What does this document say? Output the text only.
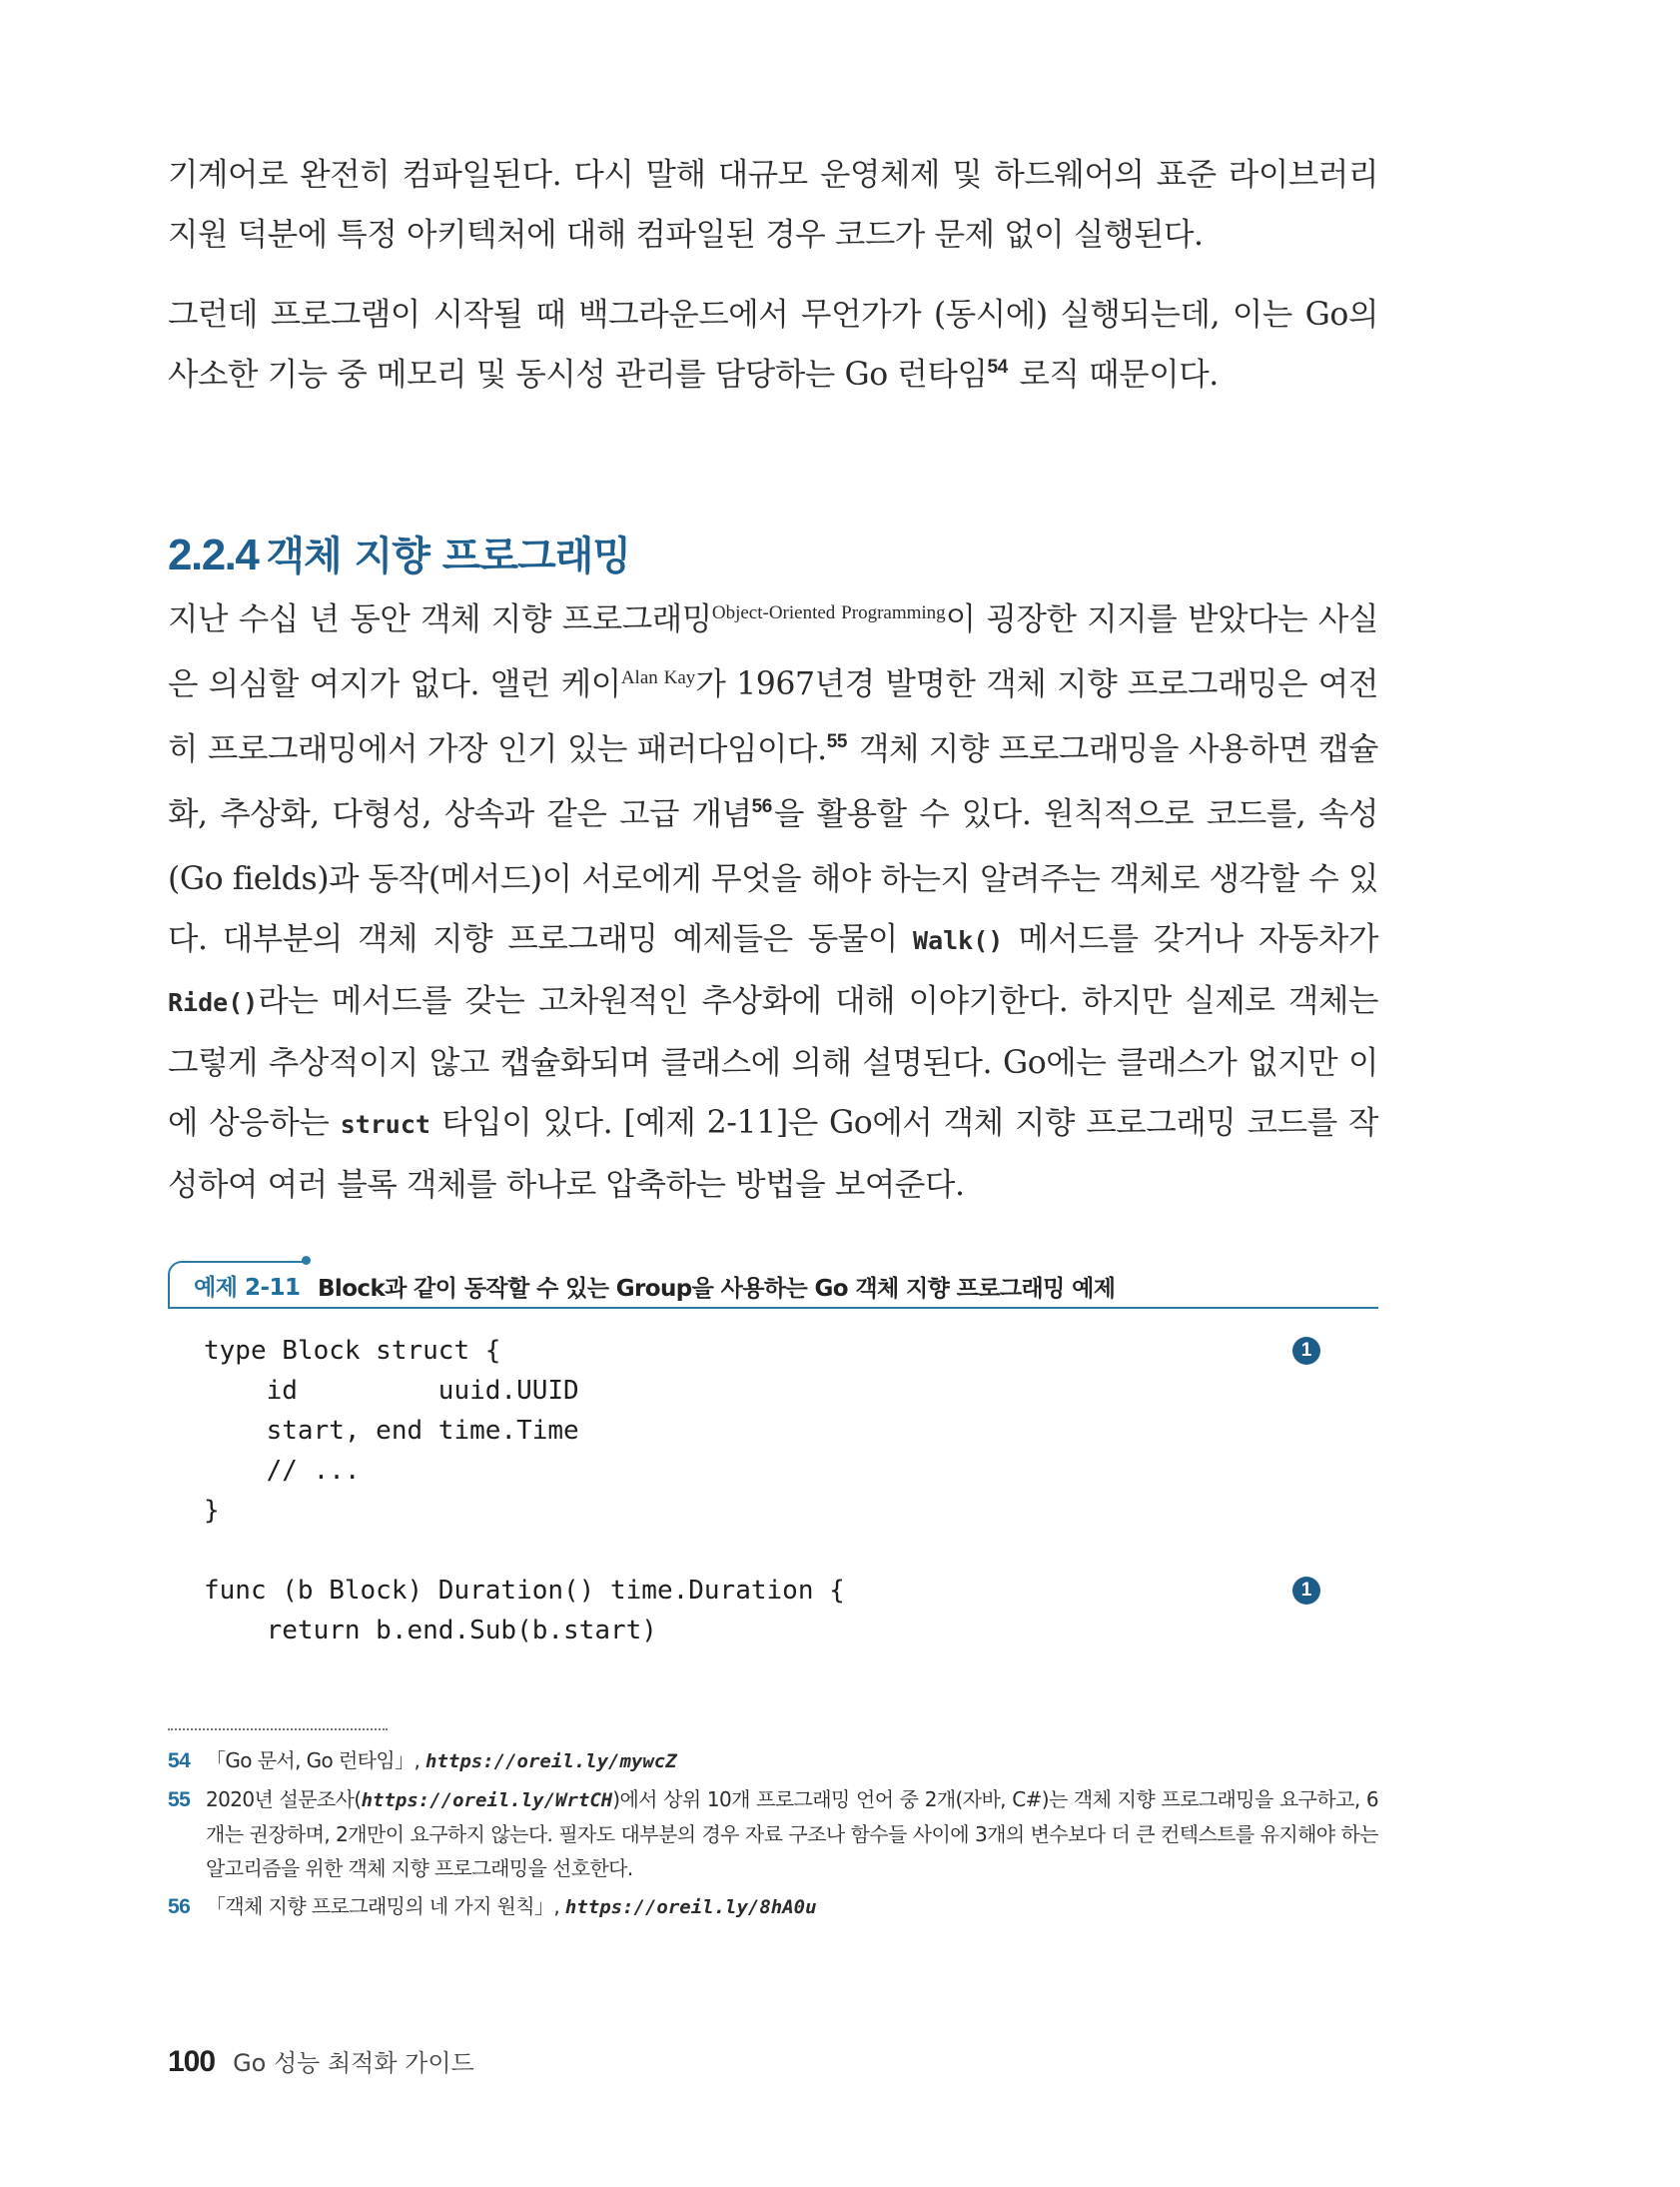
기계어로 완전히 컴파일된다. 다시 말해 대규모 운영체제 및 하드웨어의 표준 라이브러리 지원 덕분에 특정 아키텍처에 대해 컴파일된 경우 코드가 문제 없이 실행된다.

그런데 프로그램이 시작될 때 백그라운드에서 무언가가 (동시에) 실행되는데, 이는 Go의 사소한 기능 중 메모리 및 동시성 관리를 담당하는 Go 런타임$^{54}$ 로직 때문이다.

2.2.4 객체 지향 프로그래밍

지난 수십 년 동안 객체 지향 프로그래밍$^{Object-Oriented Programming}$이 굉장한 지지를 받았다는 사실은 의심할 여지가 없다. 앨런 케이$^{Alan Kay}$가 1967년경 발명한 객체 지향 프로그래밍은 여전히 프로그래밍에서 가장 인기 있는 패러다임이다.$^{55}$ 객체 지향 프로그래밍을 사용하면 캡슐화, 추상화, 다형성, 상속과 같은 고급 개념$^{56}$을 활용할 수 있다. 원칙적으로 코드를, 속성(Go fields)과 동작(메서드)이 서로에게 무엇을 해야 하는지 알려주는 객체로 생각할 수 있다. 대부분의 객체 지향 프로그래밍 예제들은 동물이 Walk() 메서드를 갖거나 자동차가 Ride()라는 메서드를 갖는 고차원적인 추상화에 대해 이야기한다. 하지만 실제로 객체는 그렇게 추상적이지 않고 캡슐화되며 클래스에 의해 설명된다. Go에는 클래스가 없지만 이에 상응하는 struct 타입이 있다. [예제 2-11]은 Go에서 객체 지향 프로그래밍 코드를 작성하여 여러 블록 객체를 하나로 압축하는 방법을 보여준다.

예제 2-11 Block과 같이 동작할 수 있는 Group을 사용하는 Go 객체 지향 프로그래밍 예제
type Block struct {	1
id         uuid.UUID
start, end time.Time
// ...
}
func (b Block) Duration() time.Duration {	1
return b.end.Sub(b.start)

54 「Go 문서, Go 런타임」, https://oreil.ly/mywcZ

55 2020년 설문조사(https://oreil.ly/WrtCH)에서 상위 10개 프로그래밍 언어 중 2개(자바, C#)는 객체 지향 프로그래밍을 요구하고, 6개는 권장하며, 2개만이 요구하지 않는다. 필자도 대부분의 경우 자료 구조나 함수들 사이에 3개의 변수보다 더 큰 컨텍스트를 유지해야 하는 알고리즘을 위한 객체 지향 프로그래밍을 선호한다.

56 「객체 지향 프로그래밍의 네 가지 원칙」, https://oreil.ly/8hA0u

100 Go 성능 최적화 가이드
